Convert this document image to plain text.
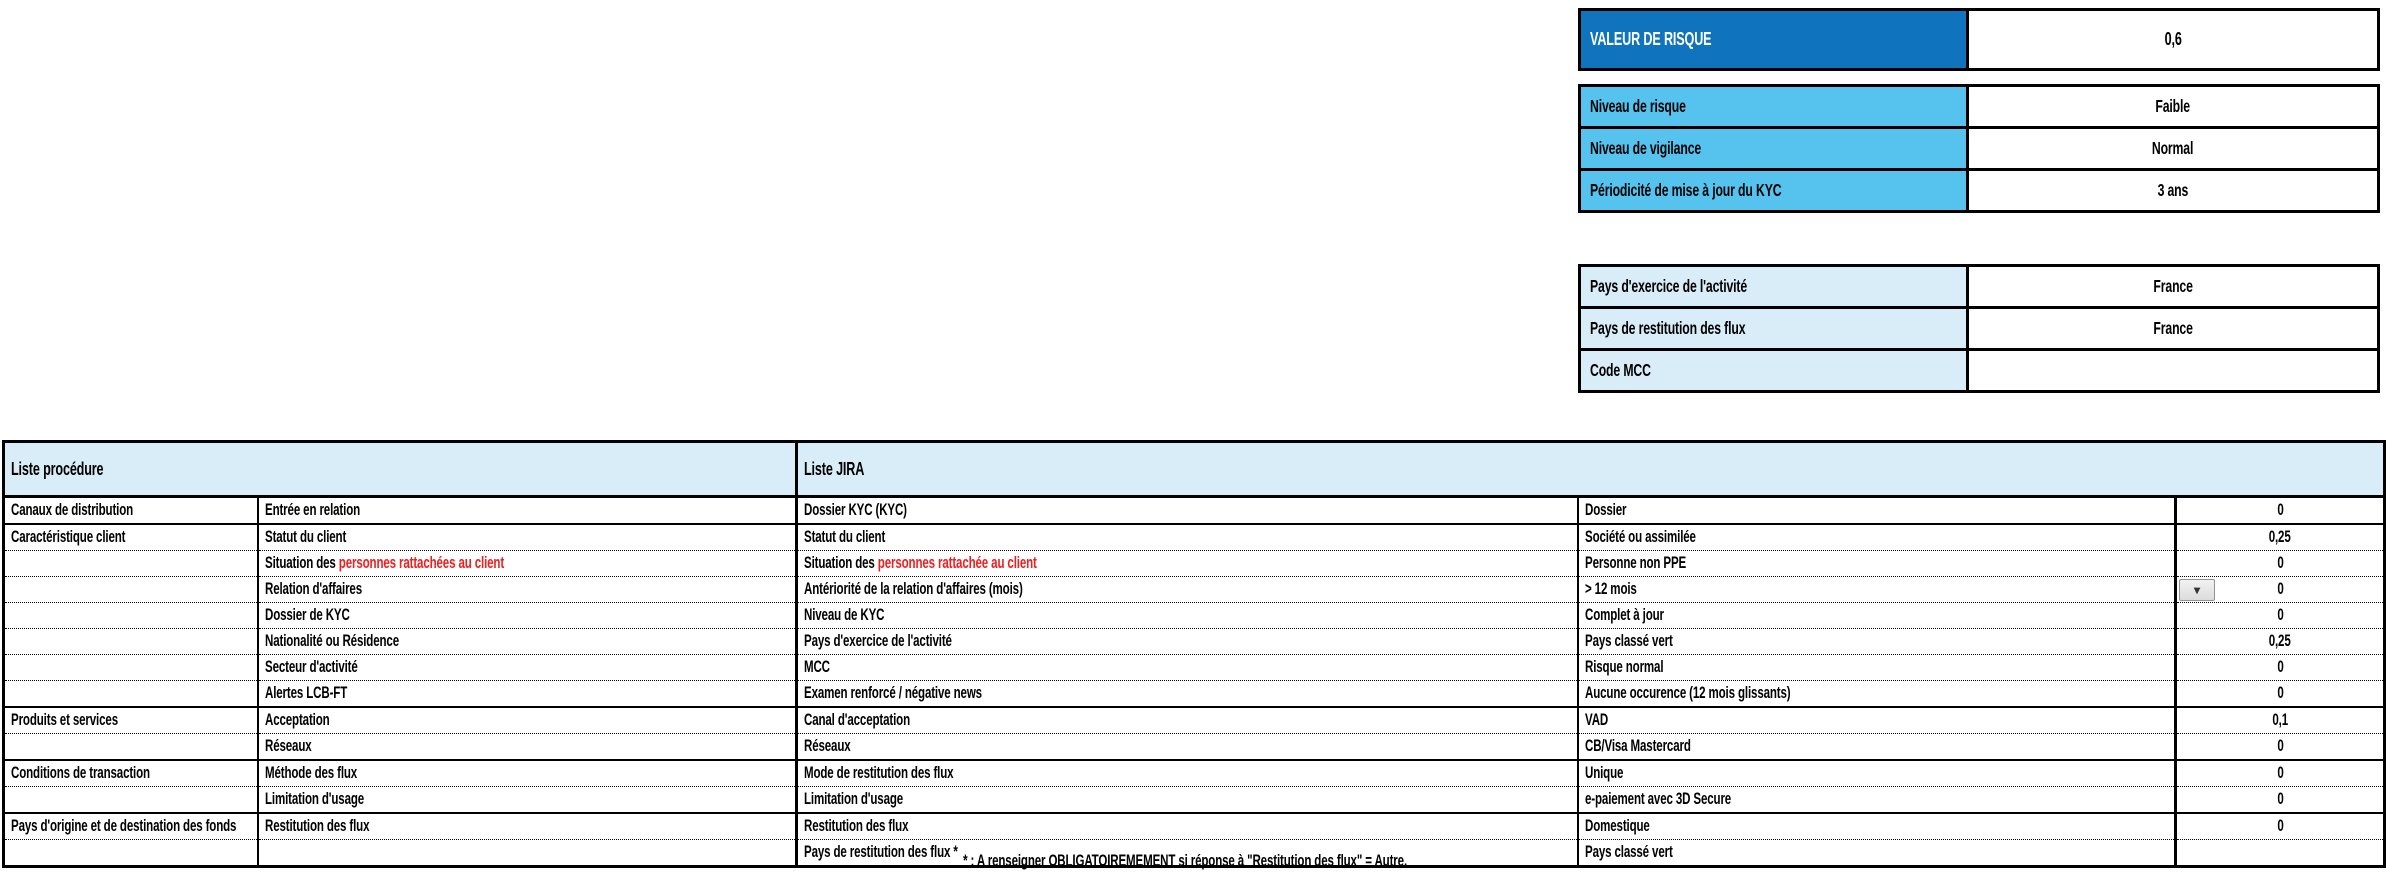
VALEUR DE RISQUE	0,6
Niveau de risque	Faible
Niveau de vigilance	Normal
Périodicité de mise à jour du KYC	3 ans
Pays d'exercice de l'activité	France
Pays de restitution des flux	France
Code MCC
Liste procédure		Liste JIRA		
Canaux de distribution	Entrée en relation	Dossier KYC (KYC)	Dossier	0
Caractéristique client	Statut du client	Statut du client	Société ou assimilée	0,25
	Situation des personnes rattachées au client	Situation des personnes rattachée au client	Personne non PPE	0
	Relation d'affaires	Antériorité de la relation d'affaires (mois)	> 12 mois	▾ 0
	Dossier de KYC	Niveau de KYC	Complet à jour	0
	Nationalité ou Résidence	Pays d'exercice de l'activité	Pays classé vert	0,25
	Secteur d'activité	MCC	Risque normal	0
	Alertes LCB-FT	Examen renforcé / négative news	Aucune occurence (12 mois glissants)	0
Produits et services	Acceptation	Canal d'acceptation	VAD	0,1
	Réseaux	Réseaux	CB/Visa Mastercard	0
Conditions de transaction	Méthode des flux	Mode de restitution des flux	Unique	0
	Limitation d'usage	Limitation d'usage	e-paiement avec 3D Secure	0
Pays d'origine et de destination des fonds	Restitution des flux	Restitution des flux	Domestique	0
		Pays de restitution des flux *	Pays classé vert	
* : A renseigner OBLIGATOIREMEMENT si réponse à "Restitution des flux" = Autre.
